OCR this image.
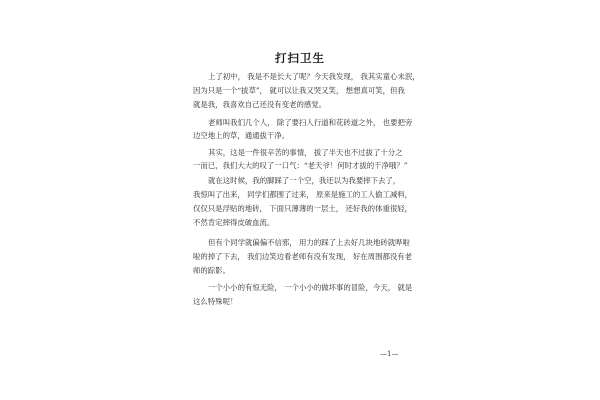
打扫卫生
上了初中， 我是不是长大了呢？今天我发现， 我其实童心未泯，
因为只是一个“拔草”， 就可以让我又哭又笑， 想想真可笑，但我
就是我，我喜欢自己还没有变老的感觉。
老师叫我们几个人， 除了要扫人行道和花砖道之外， 也要把旁
边空地上的草，通通拔干净。
其实，这是一件很辛苦的事情， 拔了半天也不过拔了十分之
一而已，我们大大的叹了一口气：“老天爷！何时才拔的干净哦？”
就在这时候，我的脚踩了一个空，我还以为我要摔下去了，
我惊叫了出来， 同学们都围了过来， 原来是施工的工人偷工减料，
仅仅只是浮贴的地砖， 下面只薄薄的一层土， 还好我的体重很轻，
不然肯定摔得皮破血流。
但有个同学就偏偏不信邪， 用力的踩了上去好几块地砖就哗啦
啦的掉了下去， 我们边笑边看老师有没有发现， 好在周围都没有老
师的踪影。
一个小小的有惊无险， 一个小小的做坏事的冒险，今天， 就是
这么特殊呢！
—1—
